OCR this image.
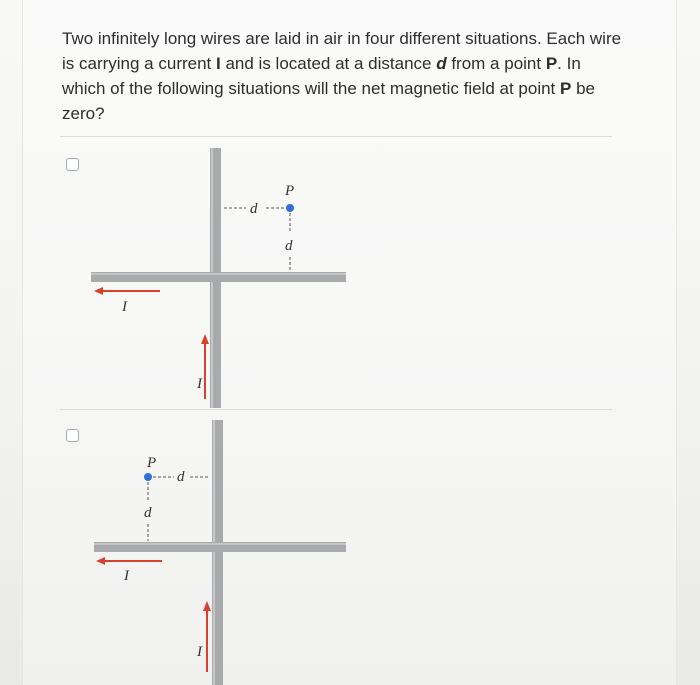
Two infinitely long wires are laid in air in four different situations. Each wire is carrying a current I and is located at a distance d from a point P. In which of the following situations will the net magnetic field at point P be zero?

I
I
d
P
d
I
I
P
d
d
